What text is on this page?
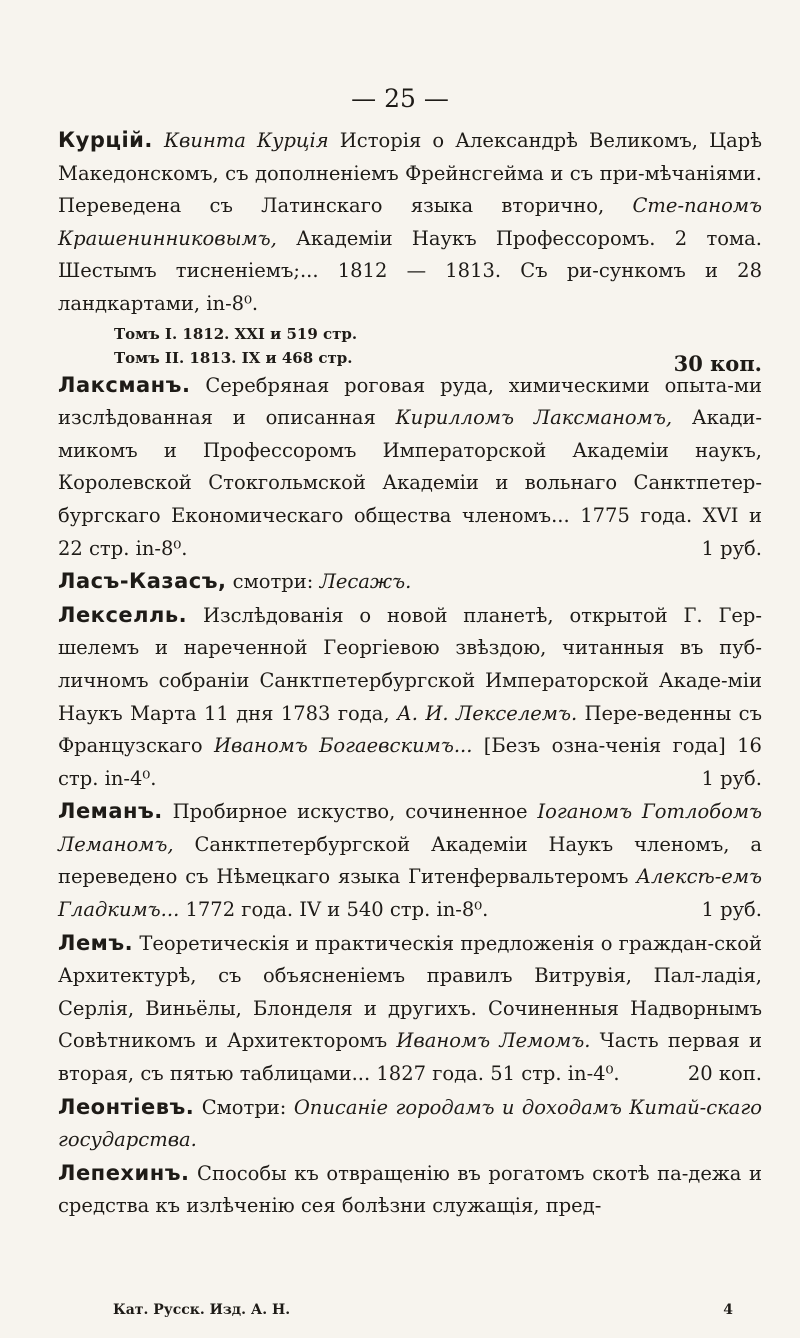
— 25 —

Курцій. Квинта Курція Исторія о Александрѣ Великомъ, Царѣ Македонскомъ, съ дополненіемъ Фрейнсгейма и съ при-мѣчаніями. Переведена съ Латинскаго языка вторично, Сте-паномъ Крашенинниковымъ, Академіи Наукъ Профессоромъ. 2 тома. Шестымъ тисненіемъ;... 1812 — 1813. Съ ри-сункомъ и 28 ландкартами, in-8⁰.

Томъ I. 1812. XXI и 519 стр.
Томъ II. 1813. IX и 468 стр.	30 коп.

Лаксманъ. Серебряная роговая руда, химическими опыта-ми изслѣдованная и описанная Кирилломъ Лаксманомъ, Акади-микомъ и Профессоромъ Императорской Академіи наукъ, Королевской Стокгольмской Академіи и вольнаго Санктпетер-бургскаго Економическаго общества членомъ... 1775 года. XVI и 22 стр. in-8⁰.	1 руб.

Лаcъ-Казасъ, смотри: Лесажъ.

Лекселль. Изслѣдованія о новой планетѣ, открытой Г. Гер-шелемъ и нареченной Георгіевою звѣздою, читанныя въ пуб-личномъ собраніи Санктпетербургской Императорской Акаде-міи Наукъ Марта 11 дня 1783 года, А. И. Лекселемъ. Пере-веденны съ Французскаго Иваномъ Богаевскимъ... [Безъ озна-ченія года] 16 стр. in-4⁰.	1 руб.

Леманъ. Пробирное искуство, сочиненное Іоганомъ Готлобомъ Леманомъ, Санктпетербургской Академіи Наукъ членомъ, а переведено съ Нѣмецкаго языка Гитенфервальтеромъ Алексѣ-емъ Гладкимъ... 1772 года. IV и 540 стр. in-8⁰.	1 руб.

Лемъ. Теоретическія и практическія предложенія о граждан-ской Архитектурѣ, съ объясненіемъ правилъ Витрувія, Пал-ладія, Серлія, Виньёлы, Блонделя и другихъ. Сочиненныя Надворнымъ Совѣтникомъ и Архитекторомъ Иваномъ Лемомъ. Часть первая и вторая, съ пятью таблицами... 1827 года. 51 стр. in-4⁰.	20 коп.

Леонтіевъ. Смотри: Описаніе городамъ и доходамъ Китай-скаго государства.

Лепехинъ. Способы къ отвращенію въ рогатомъ скотѣ па-дежа и средства къ излѣченію сея болѣзни служащія, пред-

Кат. Русск. Изд. А. Н.	4
